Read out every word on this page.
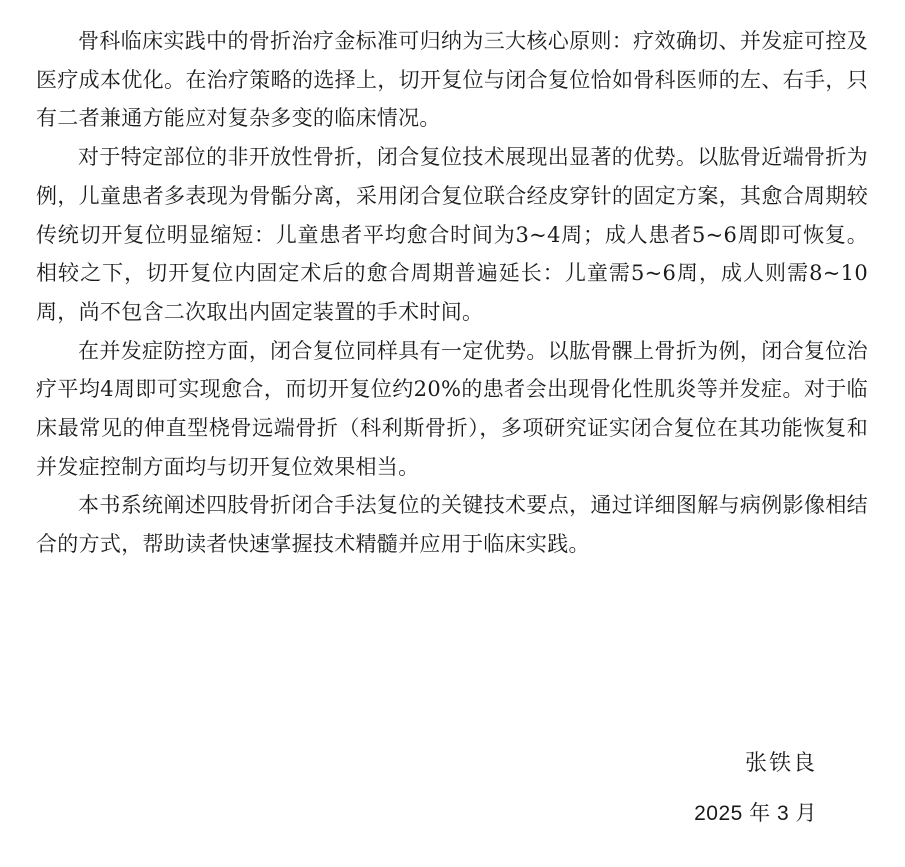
骨科临床实践中的骨折治疗金标准可归纳为三大核心原则：疗效确切、并发症可控及医疗成本优化。在治疗策略的选择上，切开复位与闭合复位恰如骨科医师的左、右手，只有二者兼通方能应对复杂多变的临床情况。

对于特定部位的非开放性骨折，闭合复位技术展现出显著的优势。以肱骨近端骨折为例，儿童患者多表现为骨骺分离，采用闭合复位联合经皮穿针的固定方案，其愈合周期较传统切开复位明显缩短：儿童患者平均愈合时间为3~4周；成人患者5~6周即可恢复。相较之下，切开复位内固定术后的愈合周期普遍延长：儿童需5~6周，成人则需8~10周，尚不包含二次取出内固定装置的手术时间。

在并发症防控方面，闭合复位同样具有一定优势。以肱骨髁上骨折为例，闭合复位治疗平均4周即可实现愈合，而切开复位约20%的患者会出现骨化性肌炎等并发症。对于临床最常见的伸直型桡骨远端骨折（科利斯骨折），多项研究证实闭合复位在其功能恢复和并发症控制方面均与切开复位效果相当。

本书系统阐述四肢骨折闭合手法复位的关键技术要点，通过详细图解与病例影像相结合的方式，帮助读者快速掌握技术精髓并应用于临床实践。

张铁良
2025 年 3 月
